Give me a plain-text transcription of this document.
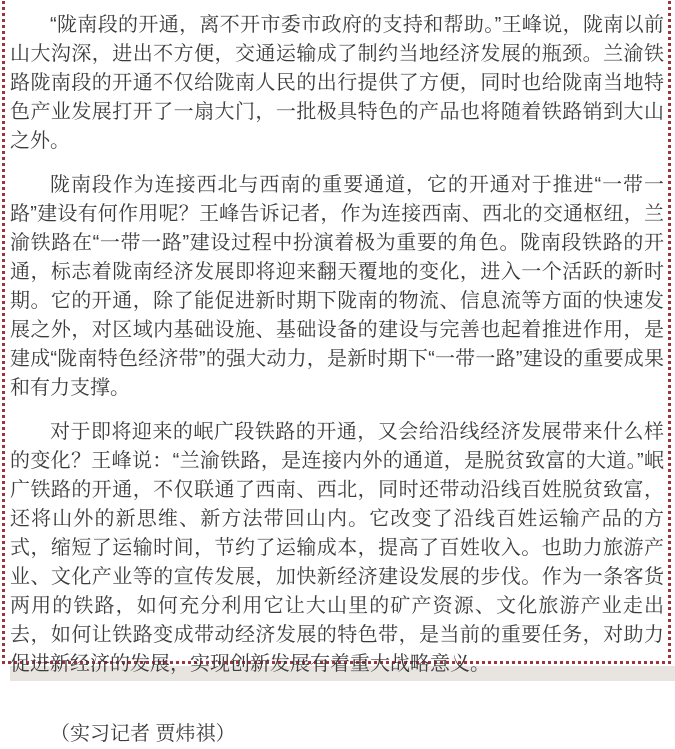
“陇南段的开通，离不开市委市政府的支持和帮助。”王峰说，陇南以前山大沟深，进出不方便，交通运输成了制约当地经济发展的瓶颈。兰渝铁路陇南段的开通不仅给陇南人民的出行提供了方便，同时也给陇南当地特色产业发展打开了一扇大门，一批极具特色的产品也将随着铁路销到大山之外。

陇南段作为连接西北与西南的重要通道，它的开通对于推进“一带一路”建设有何作用呢？王峰告诉记者，作为连接西南、西北的交通枢纽，兰渝铁路在“一带一路”建设过程中扮演着极为重要的角色。陇南段铁路的开通，标志着陇南经济发展即将迎来翻天覆地的变化，进入一个活跃的新时期。它的开通，除了能促进新时期下陇南的物流、信息流等方面的快速发展之外，对区域内基础设施、基础设备的建设与完善也起着推进作用，是建成“陇南特色经济带”的强大动力，是新时期下“一带一路”建设的重要成果和有力支撑。

对于即将迎来的岷广段铁路的开通，又会给沿线经济发展带来什么样的变化？王峰说：“兰渝铁路，是连接内外的通道，是脱贫致富的大道。”岷广铁路的开通，不仅联通了西南、西北，同时还带动沿线百姓脱贫致富，还将山外的新思维、新方法带回山内。它改变了沿线百姓运输产品的方式，缩短了运输时间，节约了运输成本，提高了百姓收入。也助力旅游产业、文化产业等的宣传发展，加快新经济建设发展的步伐。作为一条客货两用的铁路，如何充分利用它让大山里的矿产资源、文化旅游产业走出去，如何让铁路变成带动经济发展的特色带，是当前的重要任务，对助力促进新经济的发展，实现创新发展有着重大战略意义。

（实习记者 贾炜祺）
